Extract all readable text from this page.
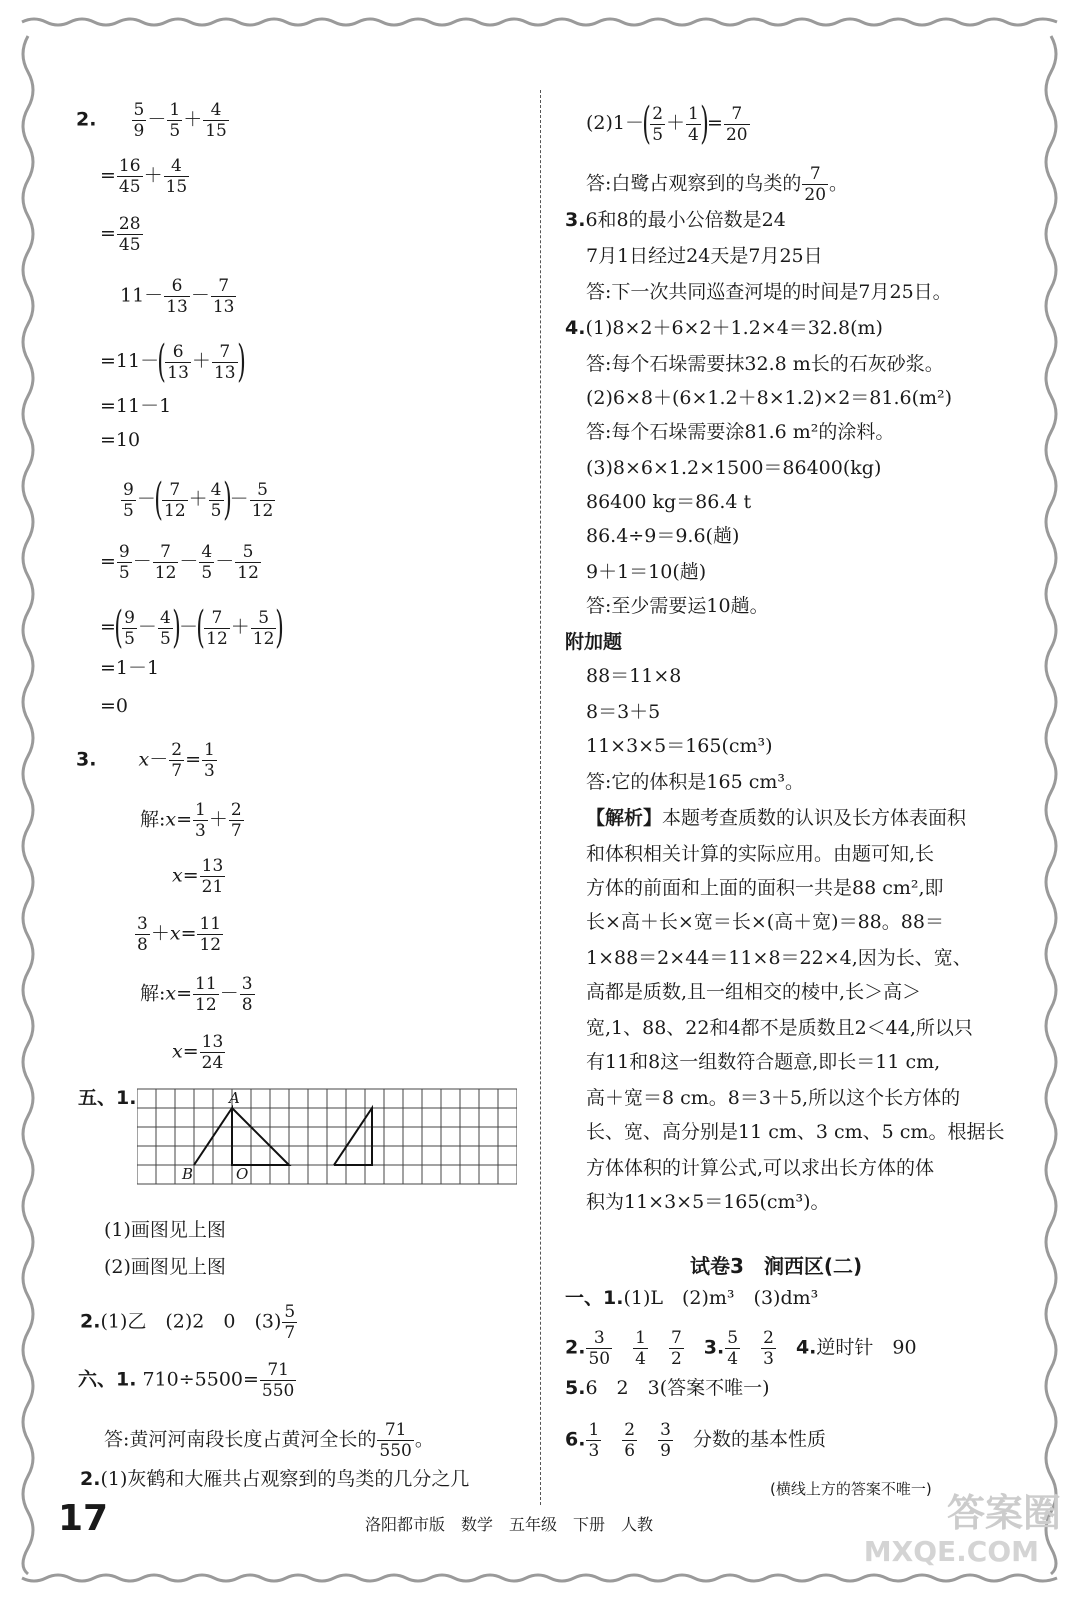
2. $\frac{5}{9} - \frac{1}{5} + \frac{4}{15}$
= $\frac{16}{45} + \frac{4}{15}$
= $\frac{28}{45}$
$11- \frac{6}{13} - \frac{7}{13}$
$=11-( \frac{6}{13} + \frac{7}{13}$ )
=11－1
=10
$\frac{9}{5}$ －( $\frac{7}{12} + \frac{4}{5}$ )－ $\frac{5}{12}$
= $\frac{9}{5} - \frac{7}{12} - \frac{4}{5} - \frac{5}{12}$
=( $\frac{9}{5} - \frac{4}{5}$ )－( $\frac{7}{12} + \frac{5}{12}$ )
=1－1
=0
3. $x- \frac{2}{7} = \frac{1}{3}$
解:x= $\frac{1}{3} + \frac{2}{7}$
$x= \frac{13}{21}$
$\frac{3}{8} +x= \frac{11}{12}$
解:x= $\frac{11}{12} - \frac{3}{8}$
$x= \frac{13}{24}$
五、1.	A
B	O
(1)画图见上图
(2)画图见上图
2.(1)乙　(2)2　0　$(3) \frac{5}{7}$
六、1. $710\div 5500= \frac{71}{550}$
答:黄河河南段长度占黄河全长的 $\frac{71}{550}$ 。
2.(1)灰鹤和大雁共占观察到的鸟类的几分之几
$(2)1-( \frac{2}{5} + \frac{1}{4}$ )= $\frac{7}{20}$
答:白鹭占观察到的鸟类的 $\frac{7}{20}$ 。
3.6和8的最小公倍数是24
7月1日经过24天是7月25日
答:下一次共同巡查河堤的时间是7月25日。
4.(1)8×2＋6×2＋1.2×4＝32.8(m)
答:每个石垛需要抹32.8 m长的石灰砂浆。
(2)6×8＋(6×1.2＋8×1.2)×2＝81.6(m²)
答:每个石垛需要涂81.6 m²的涂料。
(3)8×6×1.2×1500＝86400(kg)
86400 kg＝86.4 t
86.4÷9＝9.6(趟)
9＋1＝10(趟)
答:至少需要运10趟。
附加题
88＝11×8
8＝3＋5
11×3×5＝165(cm³)
答:它的体积是165 cm³。
【解析】本题考查质数的认识及长方体表面积
和体积相关计算的实际应用。由题可知,长
方体的前面和上面的面积一共是88 cm²,即
长×高＋长×宽＝长×(高＋宽)＝88。88＝
1×88＝2×44＝11×8＝22×4,因为长、宽、
高都是质数,且一组相交的棱中,长＞高＞
宽,1、88、22和4都不是质数且2＜44,所以只
有11和8这一组数符合题意,即长＝11 cm,
高＋宽＝8 cm。8＝3＋5,所以这个长方体的
长、宽、高分别是11 cm、3 cm、5 cm。根据长
方体体积的计算公式,可以求出长方体的体
积为11×3×5＝165(cm³)。
试卷3　涧西区(二)
一、1.(1)L　(2)m³　(3)dm³
2. $\frac{3}{50}$
　 $\frac{1}{4}$
　 $\frac{7}{2}$
　 3. $\frac{5}{4}$
　 $\frac{2}{3}$
　 4.逆时针　90
5.6　2　3(答案不唯一)
6. $\frac{1}{3}$
　 $\frac{2}{6}$
　 $\frac{3}{9}$
　 分数的基本性质
(横线上方的答案不唯一)
17	洛阳都市版　数学　五年级　下册　人教	答案圈
MXQE.COM
